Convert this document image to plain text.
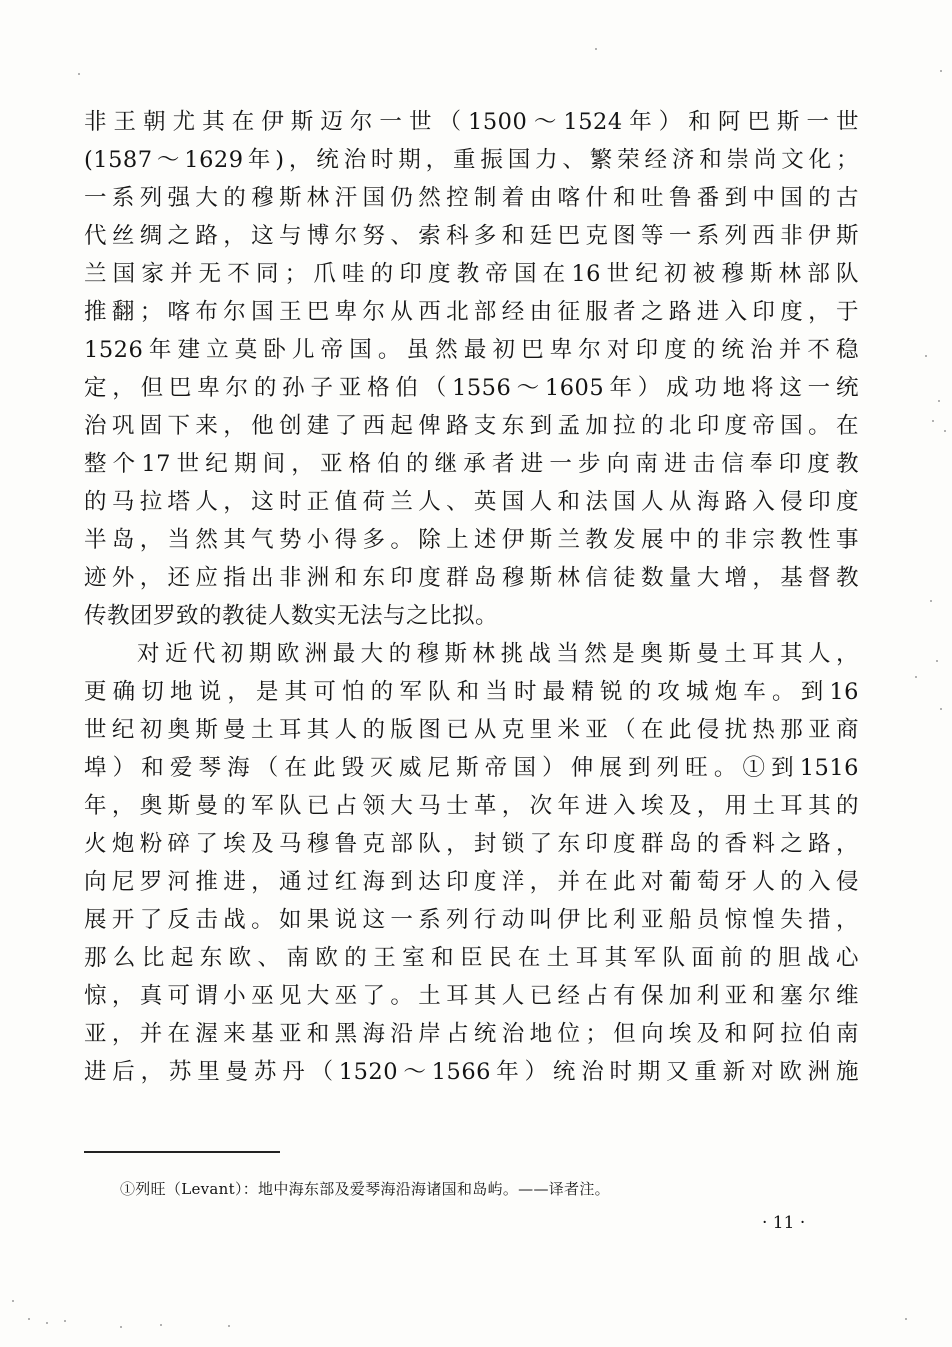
非王朝尤其在伊斯迈尔一世（1500～1524年）和阿巴斯一世
(1587～1629年)，统治时期，重振国力、繁荣经济和崇尚文化；
一系列强大的穆斯林汗国仍然控制着由喀什和吐鲁番到中国的古
代丝绸之路，这与博尔努、索科多和廷巴克图等一系列西非伊斯
兰国家并无不同；爪哇的印度教帝国在16世纪初被穆斯林部队
推翻；喀布尔国王巴卑尔从西北部经由征服者之路进入印度，于
1526年建立莫卧儿帝国。虽然最初巴卑尔对印度的统治并不稳
定，但巴卑尔的孙子亚格伯（1556～1605年）成功地将这一统
治巩固下来，他创建了西起俾路支东到孟加拉的北印度帝国。在
整个17世纪期间，亚格伯的继承者进一步向南进击信奉印度教
的马拉塔人，这时正值荷兰人、英国人和法国人从海路入侵印度
半岛，当然其气势小得多。除上述伊斯兰教发展中的非宗教性事
迹外，还应指出非洲和东印度群岛穆斯林信徒数量大增，基督教
传教团罗致的教徒人数实无法与之比拟。
对近代初期欧洲最大的穆斯林挑战当然是奥斯曼土耳其人，
更确切地说，是其可怕的军队和当时最精锐的攻城炮车。到16
世纪初奥斯曼土耳其人的版图已从克里米亚（在此侵扰热那亚商
埠）和爱琴海（在此毁灭威尼斯帝国）伸展到列旺。①到1516
年，奥斯曼的军队已占领大马士革，次年进入埃及，用土耳其的
火炮粉碎了埃及马穆鲁克部队，封锁了东印度群岛的香料之路，
向尼罗河推进，通过红海到达印度洋，并在此对葡萄牙人的入侵
展开了反击战。如果说这一系列行动叫伊比利亚船员惊惶失措，
那么比起东欧、南欧的王室和臣民在土耳其军队面前的胆战心
惊，真可谓小巫见大巫了。土耳其人已经占有保加利亚和塞尔维
亚，并在渥来基亚和黑海沿岸占统治地位；但向埃及和阿拉伯南
进后，苏里曼苏丹（1520～1566年）统治时期又重新对欧洲施
①列旺（Levant）：地中海东部及爱琴海沿海诸国和岛屿。——译者注。
· 11 ·
